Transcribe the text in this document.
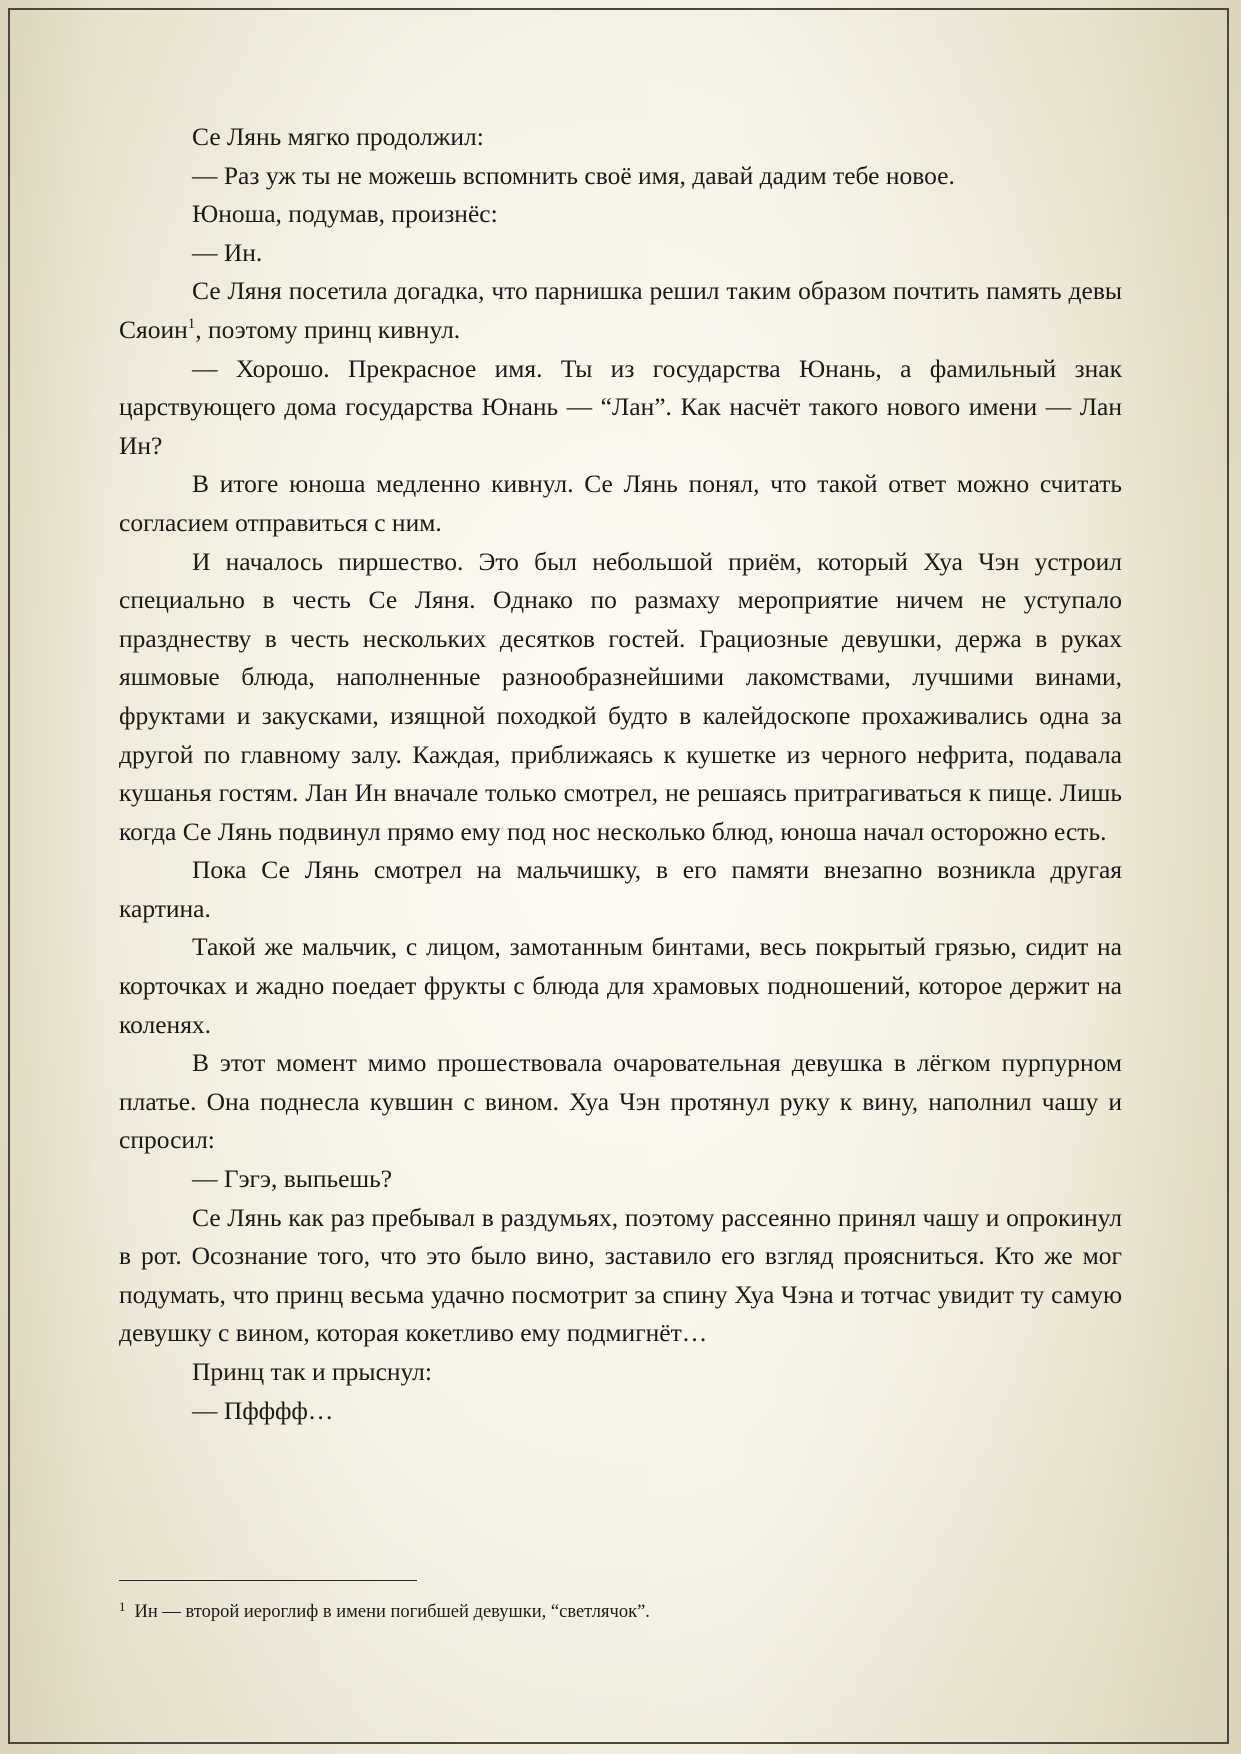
Се Лянь мягко продолжил:

— Раз уж ты не можешь вспомнить своё имя, давай дадим тебе новое.

Юноша, подумав, произнёс:

— Ин.

Се Ляня посетила догадка, что парнишка решил таким образом почтить память девы Сяоин$^1$, поэтому принц кивнул.

— Хорошо. Прекрасное имя. Ты из государства Юнань, а фамильный знак царствующего дома государства Юнань — “Лан”. Как насчёт такого нового имени — Лан Ин?

В итоге юноша медленно кивнул. Се Лянь понял, что такой ответ можно считать согласием отправиться с ним.

И началось пиршество. Это был небольшой приём, который Хуа Чэн устроил специально в честь Се Ляня. Однако по размаху мероприятие ничем не уступало празднеству в честь нескольких десятков гостей. Грациозные девушки, держа в руках яшмовые блюда, наполненные разнообразнейшими лакомствами, лучшими винами, фруктами и закусками, изящной походкой будто в калейдоскопе прохаживались одна за другой по главному залу. Каждая, приближаясь к кушетке из черного нефрита, подавала кушанья гостям. Лан Ин вначале только смотрел, не решаясь притрагиваться к пище. Лишь когда Се Лянь подвинул прямо ему под нос несколько блюд, юноша начал осторожно есть.

Пока Се Лянь смотрел на мальчишку, в его памяти внезапно возникла другая картина.

Такой же мальчик, с лицом, замотанным бинтами, весь покрытый грязью, сидит на корточках и жадно поедает фрукты с блюда для храмовых подношений, которое держит на коленях.

В этот момент мимо прошествовала очаровательная девушка в лёгком пурпурном платье. Она поднесла кувшин с вином. Хуа Чэн протянул руку к вину, наполнил чашу и спросил:

— Гэгэ, выпьешь?

Се Лянь как раз пребывал в раздумьях, поэтому рассеянно принял чашу и опрокинул в рот. Осознание того, что это было вино, заставило его взгляд проясниться. Кто же мог подумать, что принц весьма удачно посмотрит за спину Хуа Чэна и тотчас увидит ту самую девушку с вином, которая кокетливо ему подмигнёт…

Принц так и прыснул:

— Пфффф…

$^1$ Ин — второй иероглиф в имени погибшей девушки, “светлячок”.
